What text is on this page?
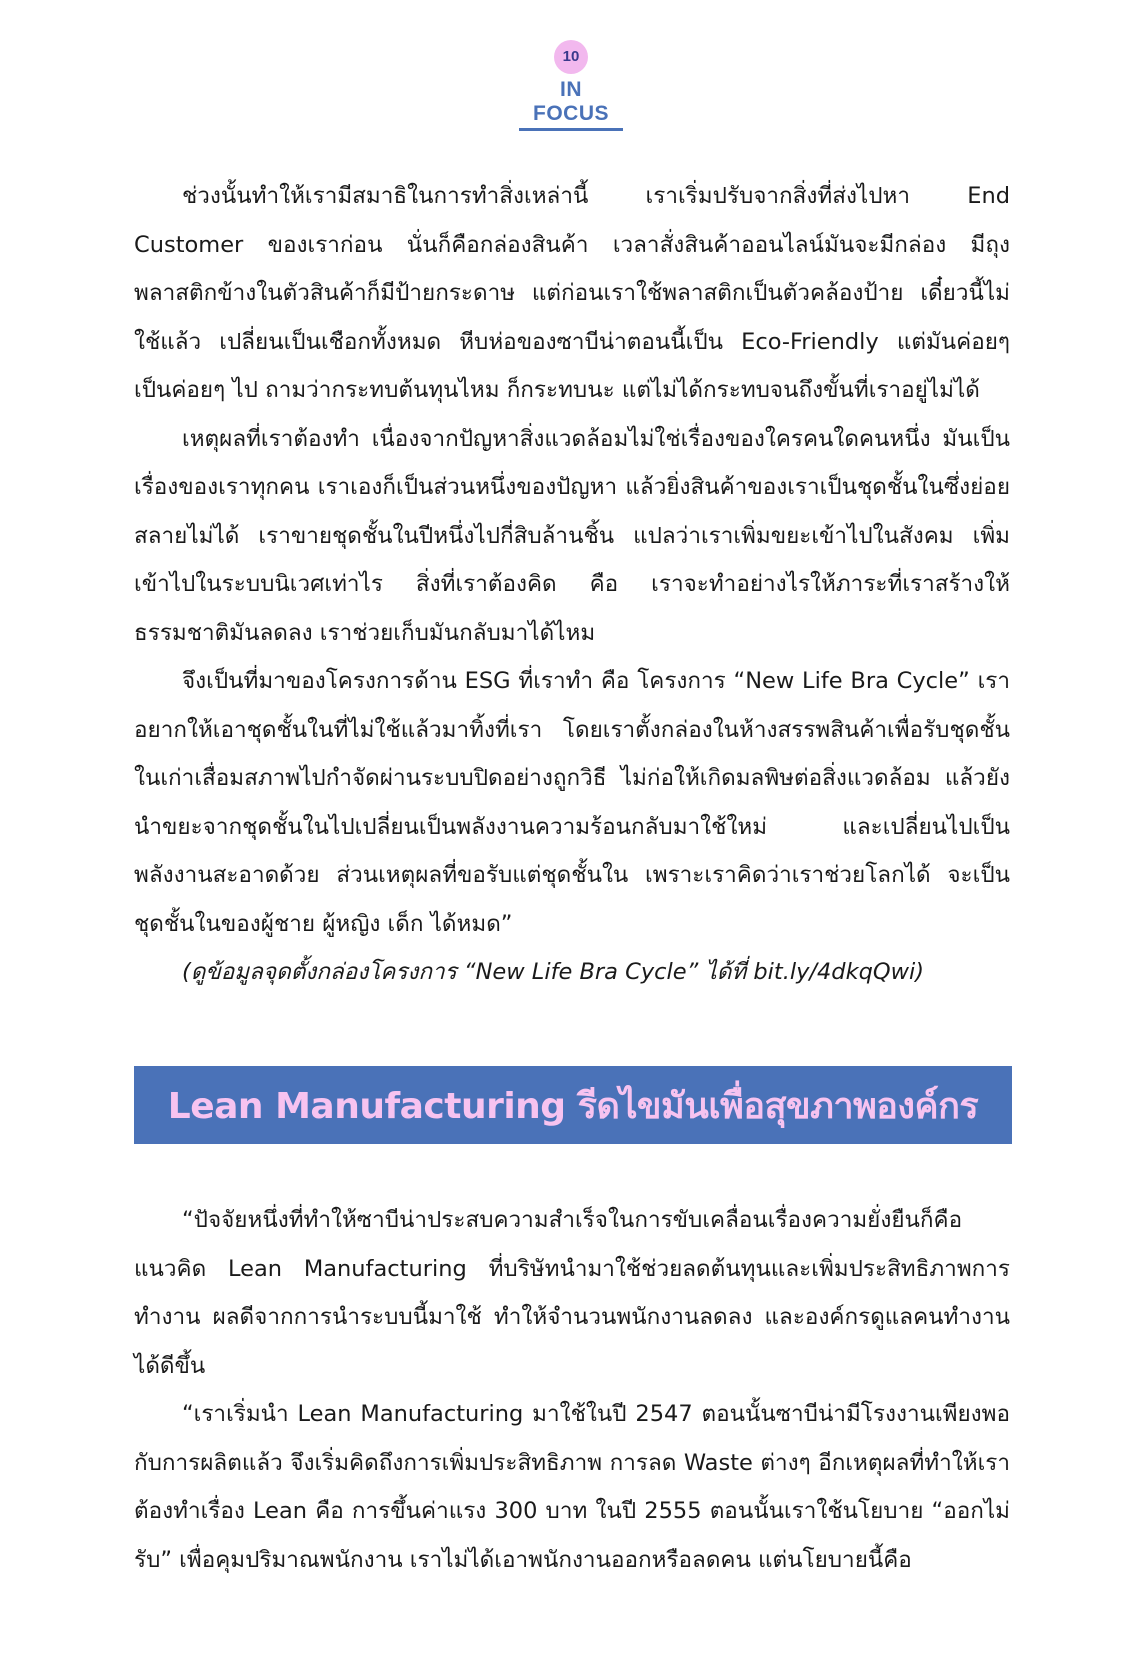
10
IN FOCUS

ช่วงนั้นทำให้เรามีสมาธิในการทำสิ่งเหล่านี้ เราเริ่มปรับจากสิ่งที่ส่งไปหา End Customer ของเราก่อน นั่นก็คือกล่องสินค้า เวลาสั่งสินค้าออนไลน์มันจะมีกล่อง มีถุงพลาสติกข้างในตัวสินค้าก็มีป้ายกระดาษ แต่ก่อนเราใช้พลาสติกเป็นตัวคล้องป้าย เดี๋ยวนี้ไม่ใช้แล้ว เปลี่ยนเป็นเชือกทั้งหมด หีบห่อของซาบีน่าตอนนี้เป็น Eco-Friendly แต่มันค่อยๆ เป็นค่อยๆ ไป ถามว่ากระทบต้นทุนไหม ก็กระทบนะ แต่ไม่ได้กระทบจนถึงขั้นที่เราอยู่ไม่ได้

เหตุผลที่เราต้องทำ เนื่องจากปัญหาสิ่งแวดล้อมไม่ใช่เรื่องของใครคนใดคนหนึ่ง มันเป็นเรื่องของเราทุกคน เราเองก็เป็นส่วนหนึ่งของปัญหา แล้วยิ่งสินค้าของเราเป็นชุดชั้นในซึ่งย่อยสลายไม่ได้ เราขายชุดชั้นในปีหนึ่งไปกี่สิบล้านชิ้น แปลว่าเราเพิ่มขยะเข้าไปในสังคม เพิ่มเข้าไปในระบบนิเวศเท่าไร สิ่งที่เราต้องคิด คือ เราจะทำอย่างไรให้ภาระที่เราสร้างให้ธรรมชาติมันลดลง เราช่วยเก็บมันกลับมาได้ไหม

จึงเป็นที่มาของโครงการด้าน ESG ที่เราทำ คือ โครงการ “New Life Bra Cycle” เราอยากให้เอาชุดชั้นในที่ไม่ใช้แล้วมาทิ้งที่เรา โดยเราตั้งกล่องในห้างสรรพสินค้าเพื่อรับชุดชั้นในเก่าเสื่อมสภาพไปกำจัดผ่านระบบปิดอย่างถูกวิธี ไม่ก่อให้เกิดมลพิษต่อสิ่งแวดล้อม แล้วยังนำขยะจากชุดชั้นในไปเปลี่ยนเป็นพลังงานความร้อนกลับมาใช้ใหม่ และเปลี่ยนไปเป็นพลังงานสะอาดด้วย ส่วนเหตุผลที่ขอรับแต่ชุดชั้นใน เพราะเราคิดว่าเราช่วยโลกได้ จะเป็นชุดชั้นในของผู้ชาย ผู้หญิง เด็ก ได้หมด”

(ดูข้อมูลจุดตั้งกล่องโครงการ “New Life Bra Cycle” ได้ที่ bit.ly/4dkqQwi)

Lean Manufacturing รีดไขมันเพื่อสุขภาพองค์กร

“ปัจจัยหนึ่งที่ทำให้ซาบีน่าประสบความสำเร็จในการขับเคลื่อนเรื่องความยั่งยืนก็คือแนวคิด Lean Manufacturing ที่บริษัทนำมาใช้ช่วยลดต้นทุนและเพิ่มประสิทธิภาพการทำงาน ผลดีจากการนำระบบนี้มาใช้ ทำให้จำนวนพนักงานลดลง และองค์กรดูแลคนทำงานได้ดีขึ้น

“เราเริ่มนำ Lean Manufacturing มาใช้ในปี 2547 ตอนนั้นซาบีน่ามีโรงงานเพียงพอกับการผลิตแล้ว จึงเริ่มคิดถึงการเพิ่มประสิทธิภาพ การลด Waste ต่างๆ อีกเหตุผลที่ทำให้เราต้องทำเรื่อง Lean คือ การขึ้นค่าแรง 300 บาท ในปี 2555 ตอนนั้นเราใช้นโยบาย “ออกไม่รับ” เพื่อคุมปริมาณพนักงาน เราไม่ได้เอาพนักงานออกหรือลดคน แต่นโยบายนี้คือ
